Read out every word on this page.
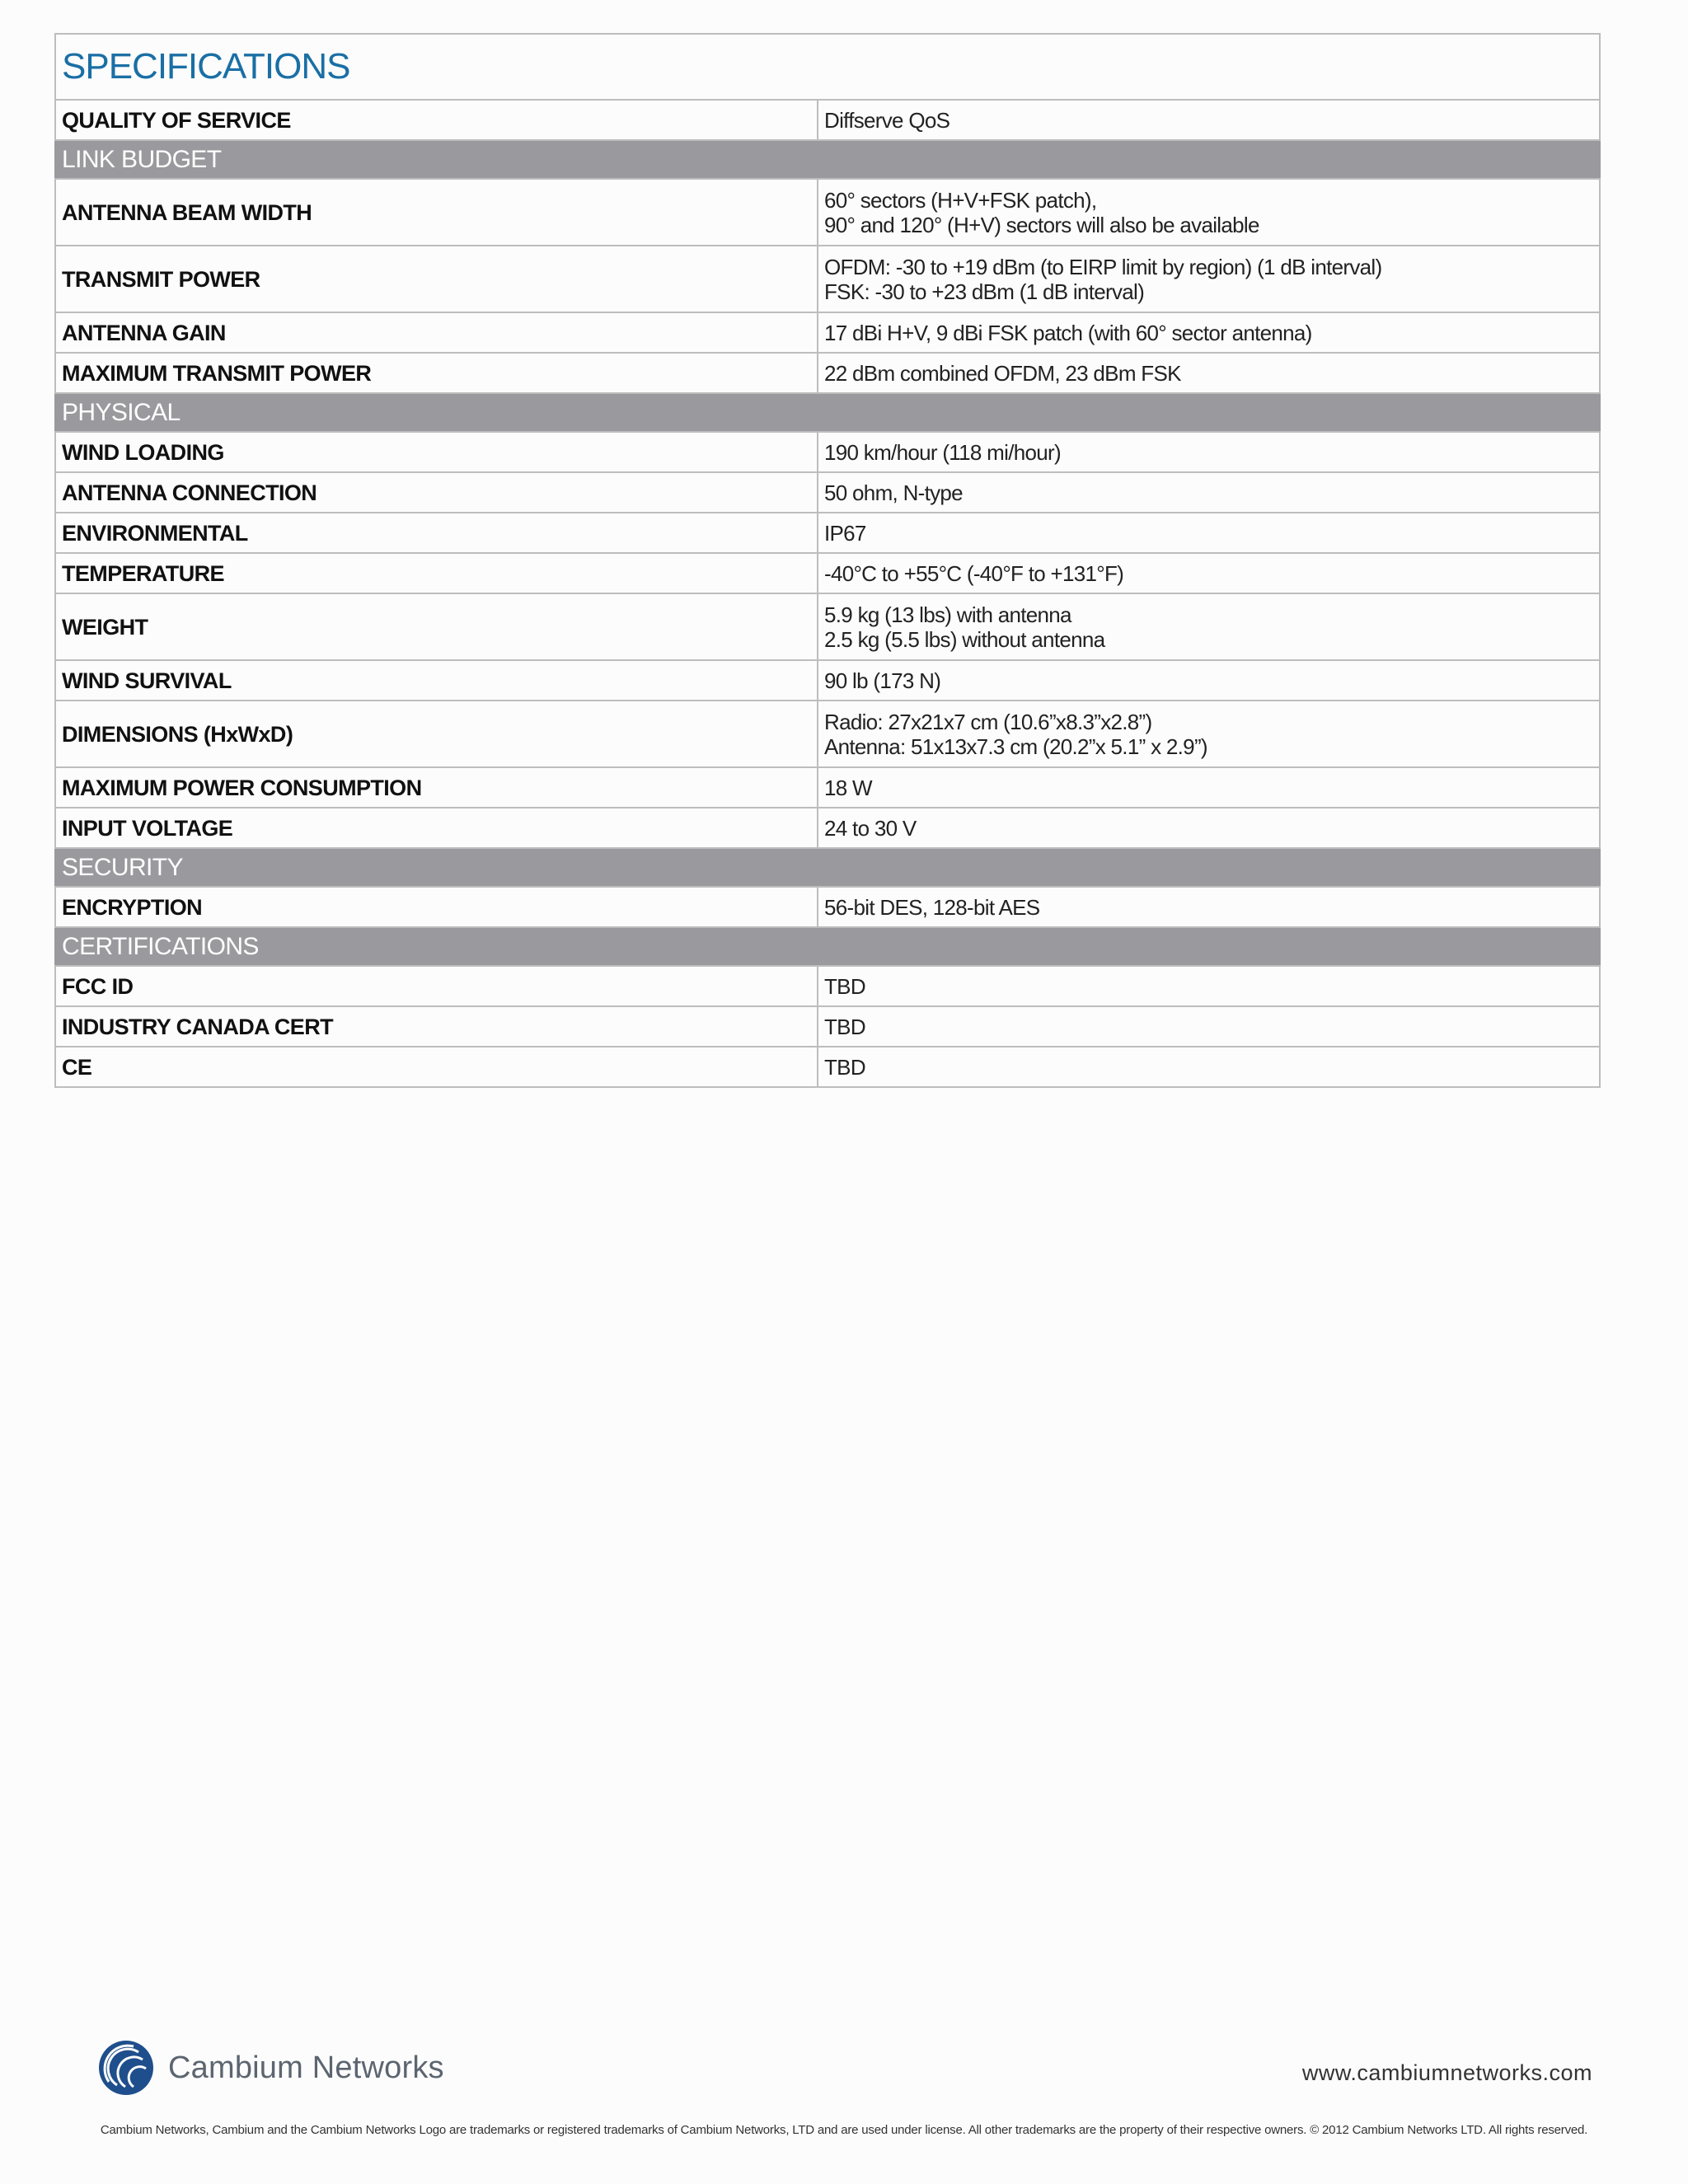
SPECIFICATIONS	
QUALITY OF SERVICE	Diffserve QoS

LINK BUDGET	
ANTENNA BEAM WIDTH	60° sectors (H+V+FSK patch),
90° and 120° (H+V) sectors will also be available

TRANSMIT POWER	OFDM: -30 to +19 dBm (to EIRP limit by region) (1 dB interval)
FSK: -30 to +23 dBm (1 dB interval)

ANTENNA GAIN	17 dBi H+V, 9 dBi FSK patch (with 60° sector antenna)

MAXIMUM TRANSMIT POWER	22 dBm combined OFDM, 23 dBm FSK

PHYSICAL	
WIND LOADING	190 km/hour (118 mi/hour)

ANTENNA CONNECTION	50 ohm, N-type

ENVIRONMENTAL	IP67

TEMPERATURE	-40°C to +55°C (-40°F to +131°F)

WEIGHT	5.9 kg (13 lbs) with antenna
2.5 kg (5.5 lbs) without antenna

WIND SURVIVAL	90 lb (173 N)

DIMENSIONS (HxWxD)	Radio: 27x21x7 cm (10.6”x8.3”x2.8”)
Antenna: 51x13x7.3 cm (20.2”x 5.1” x 2.9”)

MAXIMUM POWER CONSUMPTION	18 W

INPUT VOLTAGE	24 to 30 V

SECURITY	
ENCRYPTION	56-bit DES, 128-bit AES

CERTIFICATIONS	
FCC ID	TBD

INDUSTRY CANADA CERT	TBD

CE	TBD
Cambium Networks	www.cambiumnetworks.com
Cambium Networks, Cambium and the Cambium Networks Logo are trademarks or registered trademarks of Cambium Networks, LTD and are used under license. All other trademarks are the property of their respective owners. © 2012 Cambium Networks LTD. All rights reserved.
